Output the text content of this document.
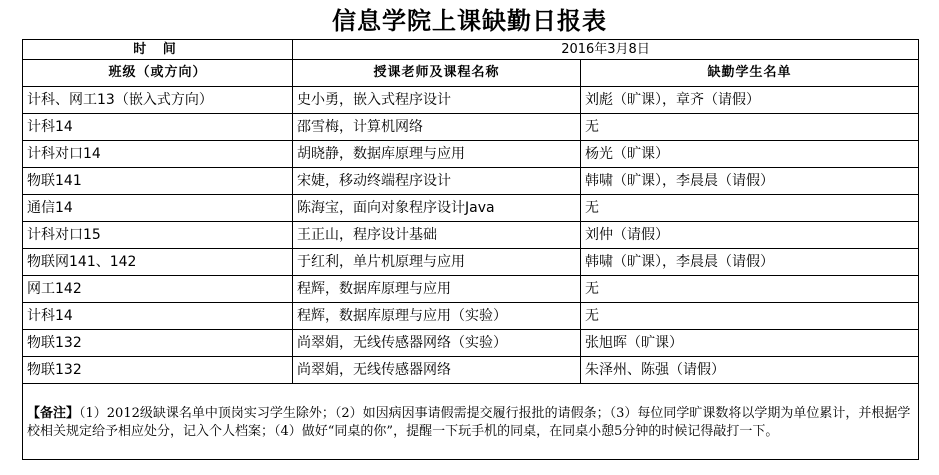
信息学院上课缺勤日报表
时 间	2016年3月8日	
班级（或方向）	授课老师及课程名称	缺勤学生名单
计科、网工13（嵌入式方向）	史小勇，嵌入式程序设计	刘彪（旷课），章齐（请假）
计科14	邵雪梅，计算机网络	无
计科对口14	胡晓静，数据库原理与应用	杨光（旷课）
物联141	宋婕，移动终端程序设计	韩啸（旷课），李晨晨（请假）
通信14	陈海宝，面向对象程序设计Java	无
计科对口15	王正山，程序设计基础	刘仲（请假）
物联网141、142	于红利，单片机原理与应用	韩啸（旷课），李晨晨（请假）
网工142	程辉，数据库原理与应用	无
计科14	程辉，数据库原理与应用（实验）	无
物联132	尚翠娟，无线传感器网络（实验）	张旭晖（旷课）
物联132	尚翠娟，无线传感器网络	朱泽州、陈强（请假）
【备注】（1）2012级缺课名单中顶岗实习学生除外；（2）如因病因事请假需提交履行报批的请假条；（3）每位同学旷课数将以学期为单位累计，并根据学校相关规定给予相应处分，记入个人档案；（4）做好“同桌的你”，提醒一下玩手机的同桌，在同桌小憩5分钟的时候记得敲打一下。		
